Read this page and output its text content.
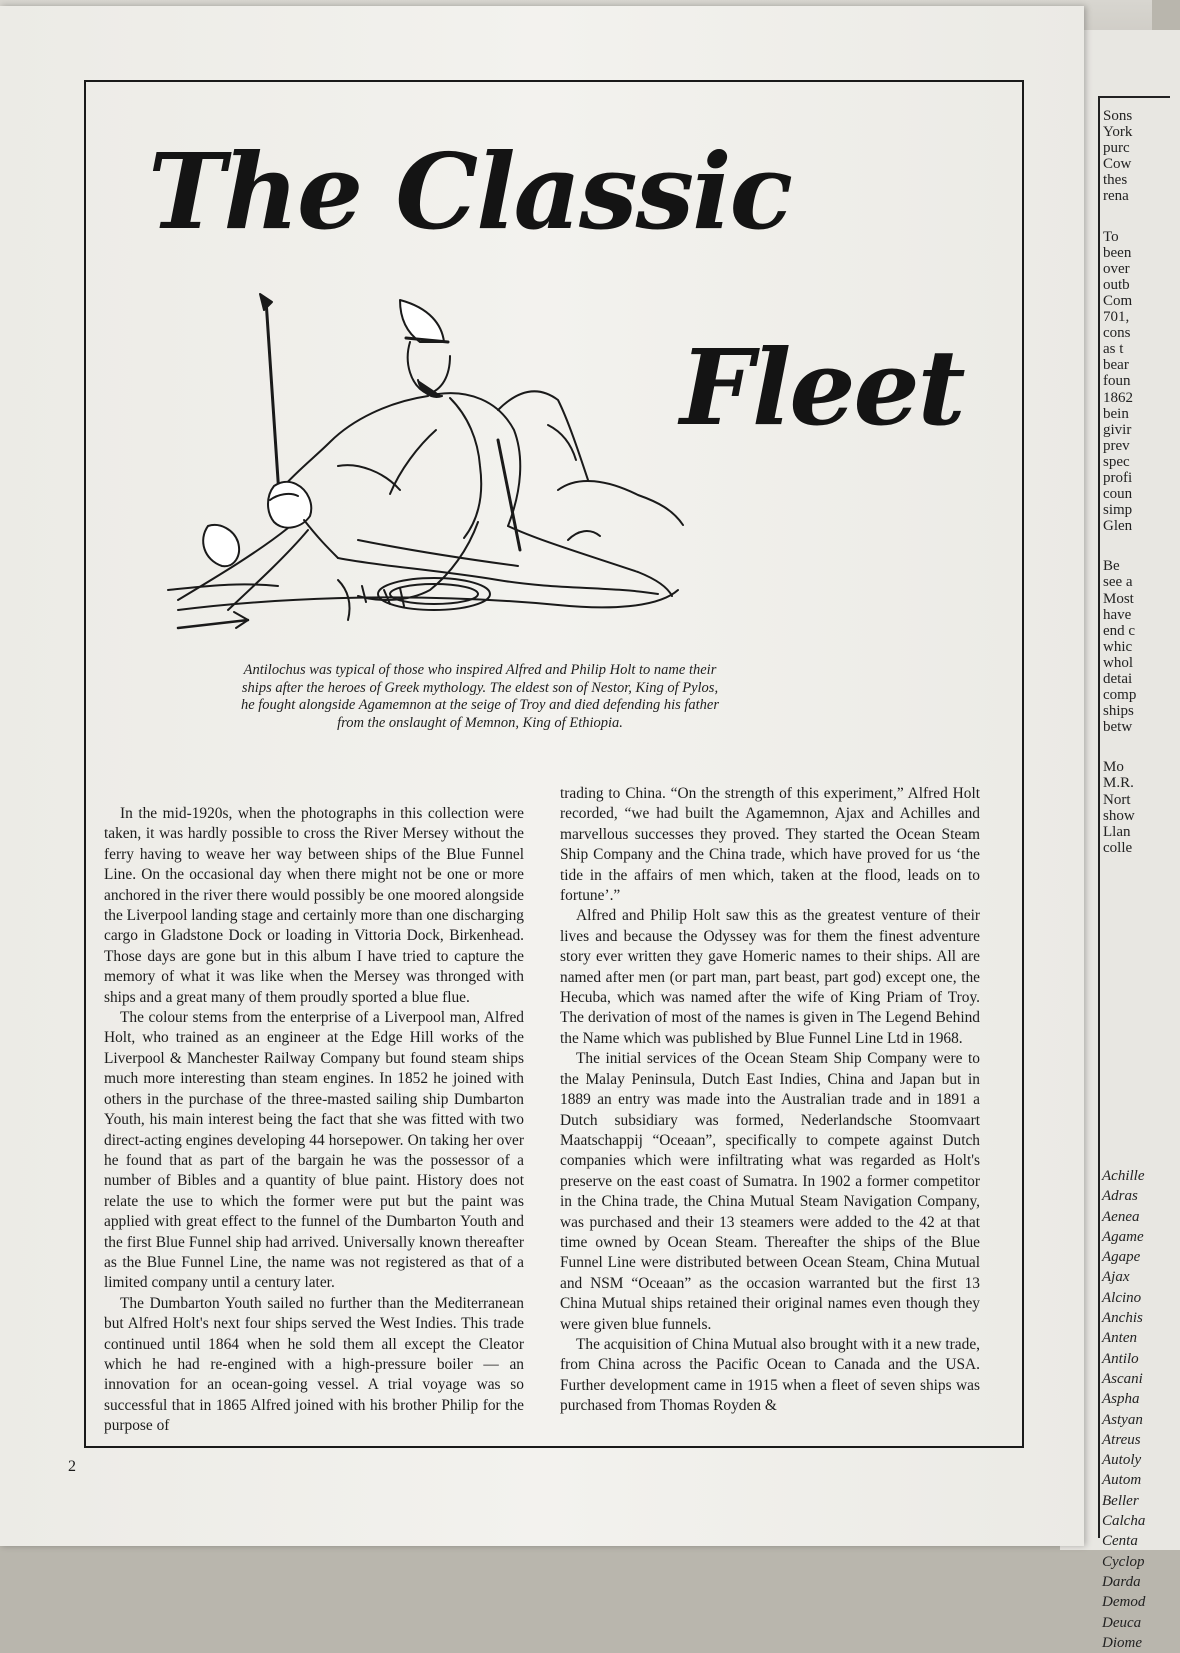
Sons
York
purc
Cow
thes
rena
To
been
over
outb
Com
701,
cons
as t
bear
foun
1862
bein
givir
prev
spec
profi
coun
simp
Glen
Be
see a
Most
have
end c
whic
whol
detai
comp
ships
betw
Mo
M.R.
Nort
show
Llan
colle
Achille
Adras
Aenea
Agame
Agape
Ajax
Alcino
Anchis
Anten
Antilo
Ascani
Aspha
Astyan
Atreus
Autoly
Autom
Beller
Calcha
Centa
Cyclop
Darda
Demod
Deuca
Diome
The Classic
Fleet
Antilochus was typical of those who inspired Alfred and Philip Holt to name their
ships after the heroes of Greek mythology. The eldest son of Nestor, King of Pylos,
he fought alongside Agamemnon at the seige of Troy and died defending his father
from the onslaught of Memnon, King of Ethiopia.

In the mid-1920s, when the photographs in this collection were taken, it was hardly possible to cross the River Mersey without the ferry having to weave her way between ships of the Blue Funnel Line. On the occasional day when there might not be one or more anchored in the river there would possibly be one moored alongside the Liverpool landing stage and certainly more than one discharging cargo in Gladstone Dock or loading in Vittoria Dock, Birkenhead. Those days are gone but in this album I have tried to capture the memory of what it was like when the Mersey was thronged with ships and a great many of them proudly sported a blue flue.

The colour stems from the enterprise of a Liverpool man, Alfred Holt, who trained as an engineer at the Edge Hill works of the Liverpool & Manchester Railway Company but found steam ships much more interesting than steam engines. In 1852 he joined with others in the purchase of the three-masted sailing ship Dumbarton Youth, his main interest being the fact that she was fitted with two direct-acting engines developing 44 horsepower. On taking her over he found that as part of the bargain he was the possessor of a number of Bibles and a quantity of blue paint. History does not relate the use to which the former were put but the paint was applied with great effect to the funnel of the Dumbarton Youth and the first Blue Funnel ship had arrived. Universally known thereafter as the Blue Funnel Line, the name was not registered as that of a limited company until a century later.

The Dumbarton Youth sailed no further than the Mediterranean but Alfred Holt's next four ships served the West Indies. This trade continued until 1864 when he sold them all except the Cleator which he had re-engined with a high-pressure boiler — an innovation for an ocean-going vessel. A trial voyage was so successful that in 1865 Alfred joined with his brother Philip for the purpose of

trading to China. “On the strength of this experiment,” Alfred Holt recorded, “we had built the Agamemnon, Ajax and Achilles and marvellous successes they proved. They started the Ocean Steam Ship Company and the China trade, which have proved for us ‘the tide in the affairs of men which, taken at the flood, leads on to fortune’.”

Alfred and Philip Holt saw this as the greatest venture of their lives and because the Odyssey was for them the finest adventure story ever written they gave Homeric names to their ships. All are named after men (or part man, part beast, part god) except one, the Hecuba, which was named after the wife of King Priam of Troy. The derivation of most of the names is given in The Legend Behind the Name which was published by Blue Funnel Line Ltd in 1968.

The initial services of the Ocean Steam Ship Company were to the Malay Peninsula, Dutch East Indies, China and Japan but in 1889 an entry was made into the Australian trade and in 1891 a Dutch subsidiary was formed, Nederlandsche Stoomvaart Maatschappij “Oceaan”, specifically to compete against Dutch companies which were infiltrating what was regarded as Holt's preserve on the east coast of Sumatra. In 1902 a former competitor in the China trade, the China Mutual Steam Navigation Company, was purchased and their 13 steamers were added to the 42 at that time owned by Ocean Steam. Thereafter the ships of the Blue Funnel Line were distributed between Ocean Steam, China Mutual and NSM “Oceaan” as the occasion warranted but the first 13 China Mutual ships retained their original names even though they were given blue funnels.

The acquisition of China Mutual also brought with it a new trade, from China across the Pacific Ocean to Canada and the USA. Further development came in 1915 when a fleet of seven ships was purchased from Thomas Royden &

2
